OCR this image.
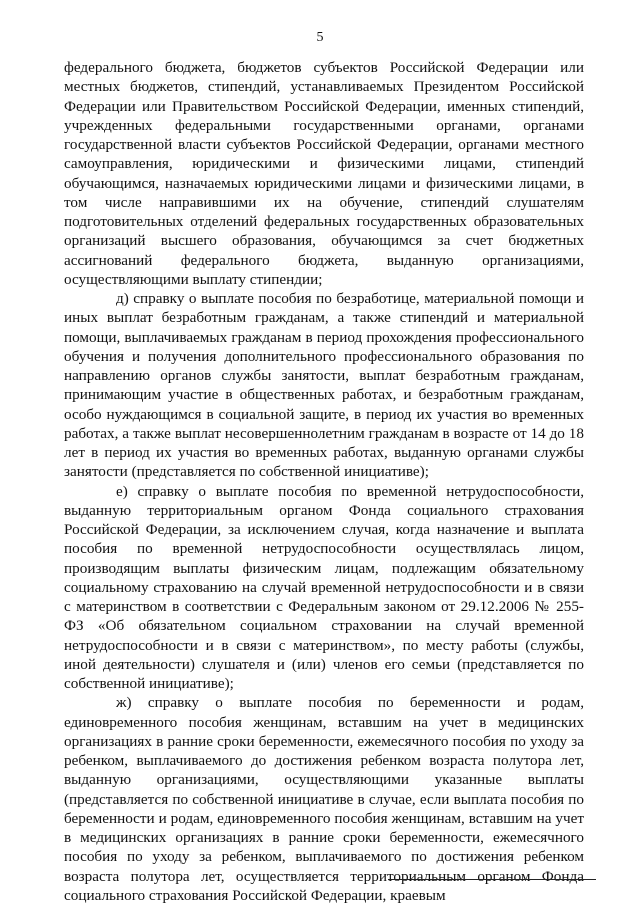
5

федерального бюджета, бюджетов субъектов Российской Федерации или местных бюджетов, стипендий, устанавливаемых Президентом Российской Федерации или Правительством Российской Федерации, именных стипендий, учрежденных федеральными государственными органами, органами государственной власти субъектов Российской Федерации, органами местного самоуправления, юридическими и физическими лицами, стипендий обучающимся, назначаемых юридическими лицами и физическими лицами, в том числе направившими их на обучение, стипендий слушателям подготовительных отделений федеральных государственных образовательных организаций высшего образования, обучающимся за счет бюджетных ассигнований федерального бюджета, выданную организациями, осуществляющими выплату стипендии;

д) справку о выплате пособия по безработице, материальной помощи и иных выплат безработным гражданам, а также стипендий и материальной помощи, выплачиваемых гражданам в период прохождения профессионального обучения и получения дополнительного профессионального образования по направлению органов службы занятости, выплат безработным гражданам, принимающим участие в общественных работах, и безработным гражданам, особо нуждающимся в социальной защите, в период их участия во временных работах, а также выплат несовершеннолетним гражданам в возрасте от 14 до 18 лет в период их участия во временных работах, выданную органами службы занятости (представляется по собственной инициативе);

е) справку о выплате пособия по временной нетрудоспособности, выданную территориальным органом Фонда социального страхования Российской Федерации, за исключением случая, когда назначение и выплата пособия по временной нетрудоспособности осуществлялась лицом, производящим выплаты физическим лицам, подлежащим обязательному социальному страхованию на случай временной нетрудоспособности и в связи с материнством в соответствии с Федеральным законом от 29.12.2006 № 255-ФЗ «Об обязательном социальном страховании на случай временной нетрудоспособности и в связи с материнством», по месту работы (службы, иной деятельности) слушателя и (или) членов его семьи (представляется по собственной инициативе);

ж) справку о выплате пособия по беременности и родам, единовременного пособия женщинам, вставшим на учет в медицинских организациях в ранние сроки беременности, ежемесячного пособия по уходу за ребенком, выплачиваемого до достижения ребенком возраста полутора лет, выданную организациями, осуществляющими указанные выплаты (представляется по собственной инициативе в случае, если выплата пособия по беременности и родам, единовременного пособия женщинам, вставшим на учет в медицинских организациях в ранние сроки беременности, ежемесячного пособия по уходу за ребенком, выплачиваемого по достижения ребенком возраста полутора лет, осуществляется территориальным органом Фонда социального страхования Российской Федерации, краевым
